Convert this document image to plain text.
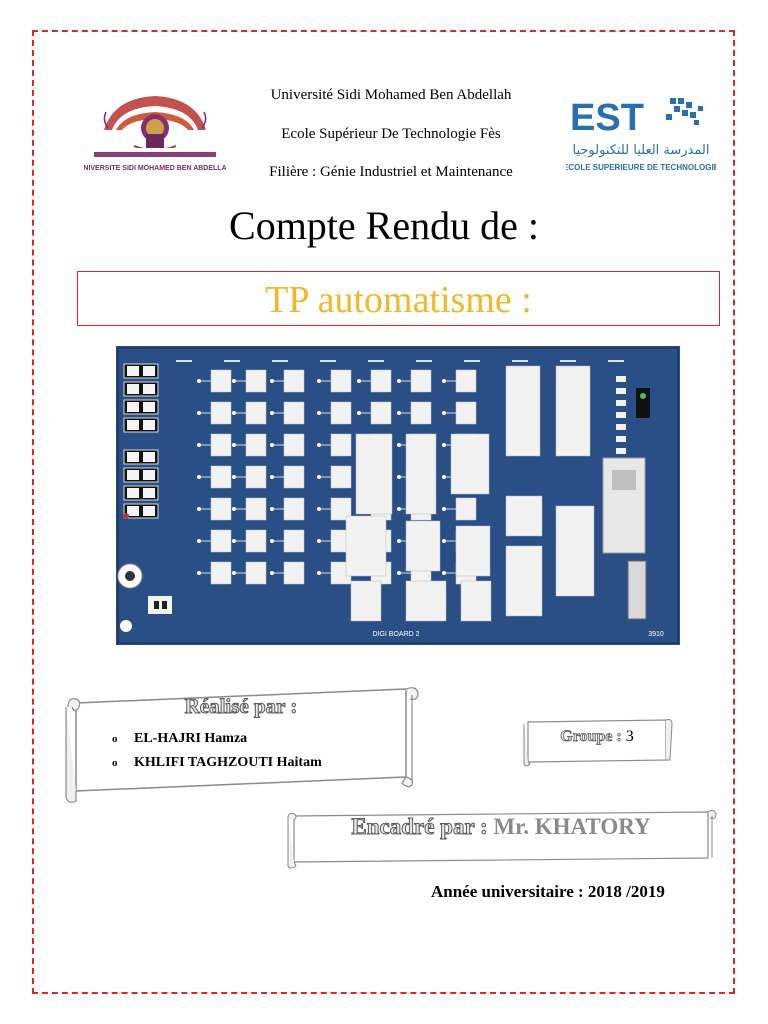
UNIVERSITE SIDI MOHAMED BEN ABDELLAH
Université Sidi Mohamed Ben Abdellah
Ecole Supérieur De Technologie Fès
Filière : Génie Industriel et Maintenance
EST
المدرسة العليا للتكنولوجيا
ECOLE SUPERIEURE DE TECHNOLOGIE
Compte Rendu de :
TP automatisme :
DIGI BOARD 2	3910
Réalisé par :
o	EL-HAJRI Hamza
o	KHLIFI TAGHZOUTI Haitam
Groupe : 3
Encadré par : Mr. KHATORY
Année universitaire : 2018 /2019
